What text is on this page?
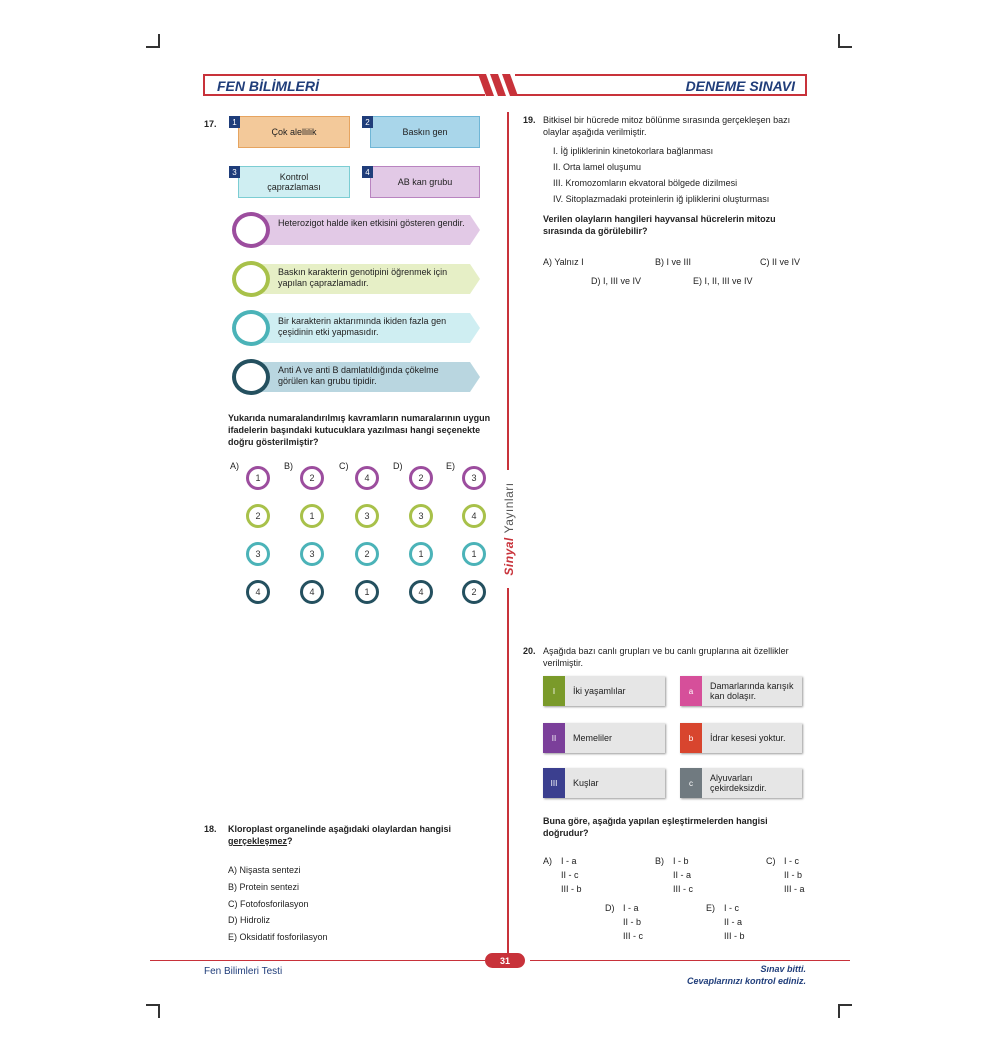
FEN BİLİMLERİ	DENEME SINAVI
Sinyal

Yayınları
17.
Çok alellilik
1
Baskın gen
2
Kontrol çaprazlaması
3
AB kan grubu
4
Heterozigot halde iken etkisini gösteren gendir.
Baskın karakterin genotipini öğrenmek için yapılan çaprazlamadır.
Bir karakterin aktarımında ikiden fazla gen çeşidinin etki yapmasıdır.
Anti A ve anti B damlatıldığında çökelme görülen kan grubu tipidir.
Yukarıda numaralandırılmış kavramların numaralarının uygun ifadelerin başındaki kutucuklara yazılması hangi seçenekte doğru gösterilmiştir?
A)
1
2
3
4
B)
2
1
3
4
C)
4
3
2
1
D)
2
3
1
4
E)
3
4
1
2
18. Kloroplast organelinde aşağıdaki olaylardan hangisi gerçekleşmez?
A) Nişasta sentezi
B) Protein sentezi
C) Fotofosforilasyon
D) Hidroliz
E) Oksidatif fosforilasyon
19. Bitkisel bir hücrede mitoz bölünme sırasında gerçekleşen bazı olaylar aşağıda verilmiştir.
I. İğ ipliklerinin kinetokorlara bağlanması
II. Orta lamel oluşumu
III. Kromozomların ekvatoral bölgede dizilmesi
IV. Sitoplazmadaki proteinlerin iğ ipliklerini oluşturması
Verilen olayların hangileri hayvansal hücrelerin mitozu sırasında da görülebilir?
A) Yalnız I	B) I ve III	C) II ve IV
D) I, III ve IV	E) I, II, III ve IV
20. Aşağıda bazı canlı grupları ve bu canlı gruplarına ait özellikler verilmiştir.
I	İki yaşamlılar
II	Memeliler
III	Kuşlar
a	Damarlarında karışık kan dolaşır.
b	İdrar kesesi yoktur.
c	Alyuvarları çekirdeksizdir.
Buna göre, aşağıda yapılan eşleştirmelerden hangisi doğrudur?
A) I - a
II - c
III - b
B) I - b
II - a
III - c
C) I - c
II - b
III - a
D) I - a
II - b
III - c
E) I - c
II - a
III - b
31
Fen Bilimleri Testi	Sınav bitti.
Cevaplarınızı kontrol ediniz.
